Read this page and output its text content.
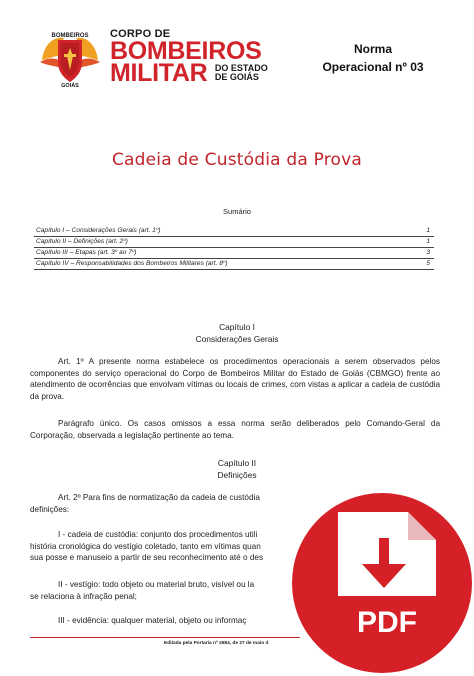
BOMBEIROS
GOIÁS
CORPO DE
BOMBEIROS
MILITAR DO ESTADO
DE GOIÁS
Norma
Operacional nº 03
Cadeia de Custódia da Prova
Sumário
Capítulo I – Considerações Gerais (art. 1º)	1
Capítulo II – Definições (art. 2º)	1
Capítulo III – Etapas (art. 3º ao 7º)	3
Capítulo IV – Responsabilidades dos Bombeiros Militares (art. 8º)	5
Capítulo I
Considerações Gerais

Art. 1º A presente norma estabelece os procedimentos operacionais a serem observados pelos componentes do serviço operacional do Corpo de Bombeiros Militar do Estado de Goiás (CBMGO) frente ao atendimento de ocorrências que envolvam vítimas ou locais de crimes, com vistas a aplicar a cadeia de custódia da prova.

Parágrafo único. Os casos omissos a essa norma serão deliberados pelo Comando-Geral da Corporação, observada a legislação pertinente ao tema.

Capítulo II
Definições
Art. 2º Para fins de normatização da cadeia de custódia
definições:
I - cadeia de custódia: conjunto dos procedimentos utili
história cronológica do vestígio coletado, tanto em vítimas quan
sua posse e manuseio a partir de seu reconhecimento até o des
II - vestígio: todo objeto ou material bruto, visível ou la
se relaciona à infração penal;
III - evidência: qualquer material, objeto ou informaç
Editada pela Portaria nº 2684, de 27 de maio d
PDF
